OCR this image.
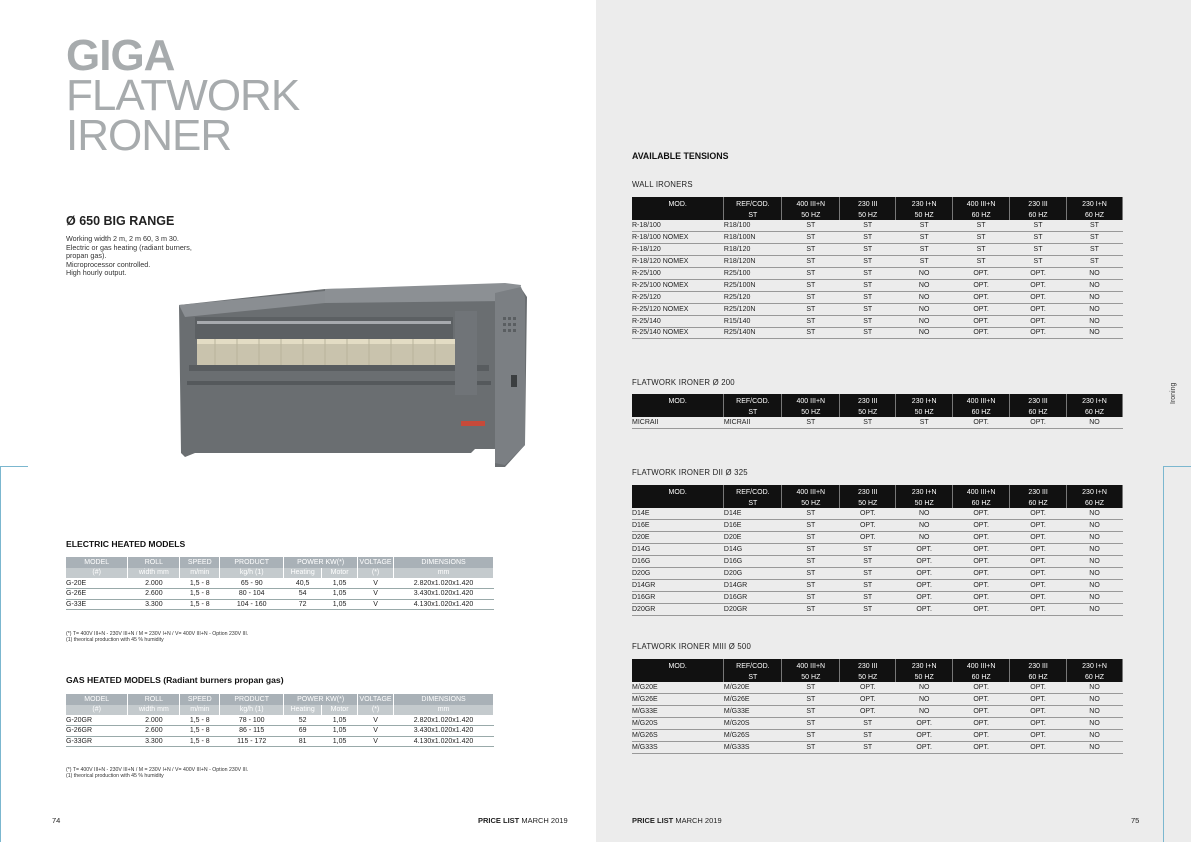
GIGA
FLATWORK
IRONER
Ø 650 BIG RANGE
Working width 2 m, 2 m 60, 3 m 30.
Electric or gas heating (radiant burners,
propan gas).
Microprocessor controlled.
High hourly output.
ELECTRIC HEATED MODELS
MODEL	ROLL	SPEED	PRODUCT	POWER KW(*)		VOLTAGE	DIMENSIONS
(#)	width mm	m/min	kg/h (1)	Heating	Motor	(*)	mm
G-20E	2.000	1,5 - 8	65 - 90	40,5	1,05	V	2.820x1.020x1.420
G-26E	2.600	1,5 - 8	80 - 104	54	1,05	V	3.430x1.020x1.420
G-33E	3.300	1,5 - 8	104 - 160	72	1,05	V	4.130x1.020x1.420
(*) T= 400V III+N - 230V III+N / M = 230V I+N / V= 400V III+N - Option 230V III.
(1) theorical production with 45 % humidity
GAS HEATED MODELS (Radiant burners propan gas)
MODEL	ROLL	SPEED	PRODUCT	POWER KW(*)		VOLTAGE	DIMENSIONS
(#)	width mm	m/min	kg/h (1)	Heating	Motor	(*)	mm
G-20GR	2.000	1,5 - 8	78 - 100	52	1,05	V	2.820x1.020x1.420
G-26GR	2.600	1,5 - 8	86 - 115	69	1,05	V	3.430x1.020x1.420
G-33GR	3.300	1,5 - 8	115 - 172	81	1,05	V	4.130x1.020x1.420
(*) T= 400V III+N - 230V III+N / M = 230V I+N / V= 400V III+N - Option 230V III.
(1) theorical production with 45 % humidity
74	PRICE LIST MARCH 2019
AVAILABLE TENSIONS
WALL IRONERS
MOD.	REF/COD.	400 III+N	230 III	230 I+N	400 III+N	230 III	230 I+N
	ST	50 HZ	50 HZ	50 HZ	60 HZ	60 HZ	60 HZ
R-18/100	R18/100	ST	ST	ST	ST	ST	ST
R-18/100 NOMEX	R18/100N	ST	ST	ST	ST	ST	ST
R-18/120	R18/120	ST	ST	ST	ST	ST	ST
R-18/120 NOMEX	R18/120N	ST	ST	ST	ST	ST	ST
R-25/100	R25/100	ST	ST	NO	OPT.	OPT.	NO
R-25/100 NOMEX	R25/100N	ST	ST	NO	OPT.	OPT.	NO
R-25/120	R25/120	ST	ST	NO	OPT.	OPT.	NO
R-25/120 NOMEX	R25/120N	ST	ST	NO	OPT.	OPT.	NO
R-25/140	R15/140	ST	ST	NO	OPT.	OPT.	NO
R-25/140 NOMEX	R25/140N	ST	ST	NO	OPT.	OPT.	NO
FLATWORK IRONER Ø 200
MOD.	REF/COD.	400 III+N	230 III	230 I+N	400 III+N	230 III	230 I+N
	ST	50 HZ	50 HZ	50 HZ	60 HZ	60 HZ	60 HZ
MICRAII	MICRAII	ST	ST	ST	OPT.	OPT.	NO
FLATWORK IRONER DII Ø 325
MOD.	REF/COD.	400 III+N	230 III	230 I+N	400 III+N	230 III	230 I+N
	ST	50 HZ	50 HZ	50 HZ	60 HZ	60 HZ	60 HZ
D14E	D14E	ST	OPT.	NO	OPT.	OPT.	NO
D16E	D16E	ST	OPT.	NO	OPT.	OPT.	NO
D20E	D20E	ST	OPT.	NO	OPT.	OPT.	NO
D14G	D14G	ST	ST	OPT.	OPT.	OPT.	NO
D16G	D16G	ST	ST	OPT.	OPT.	OPT.	NO
D20G	D20G	ST	ST	OPT.	OPT.	OPT.	NO
D14GR	D14GR	ST	ST	OPT.	OPT.	OPT.	NO
D16GR	D16GR	ST	ST	OPT.	OPT.	OPT.	NO
D20GR	D20GR	ST	ST	OPT.	OPT.	OPT.	NO
FLATWORK IRONER MIII Ø 500
MOD.	REF/COD.	400 III+N	230 III	230 I+N	400 III+N	230 III	230 I+N
	ST	50 HZ	50 HZ	50 HZ	60 HZ	60 HZ	60 HZ
M/G20E	M/G20E	ST	OPT.	NO	OPT.	OPT.	NO
M/G26E	M/G26E	ST	OPT.	NO	OPT.	OPT.	NO
M/G33E	M/G33E	ST	OPT.	NO	OPT.	OPT.	NO
M/G20S	M/G20S	ST	ST	OPT.	OPT.	OPT.	NO
M/G26S	M/G26S	ST	ST	OPT.	OPT.	OPT.	NO
M/G33S	M/G33S	ST	ST	OPT.	OPT.	OPT.	NO
Ironing
PRICE LIST MARCH 2019	75
